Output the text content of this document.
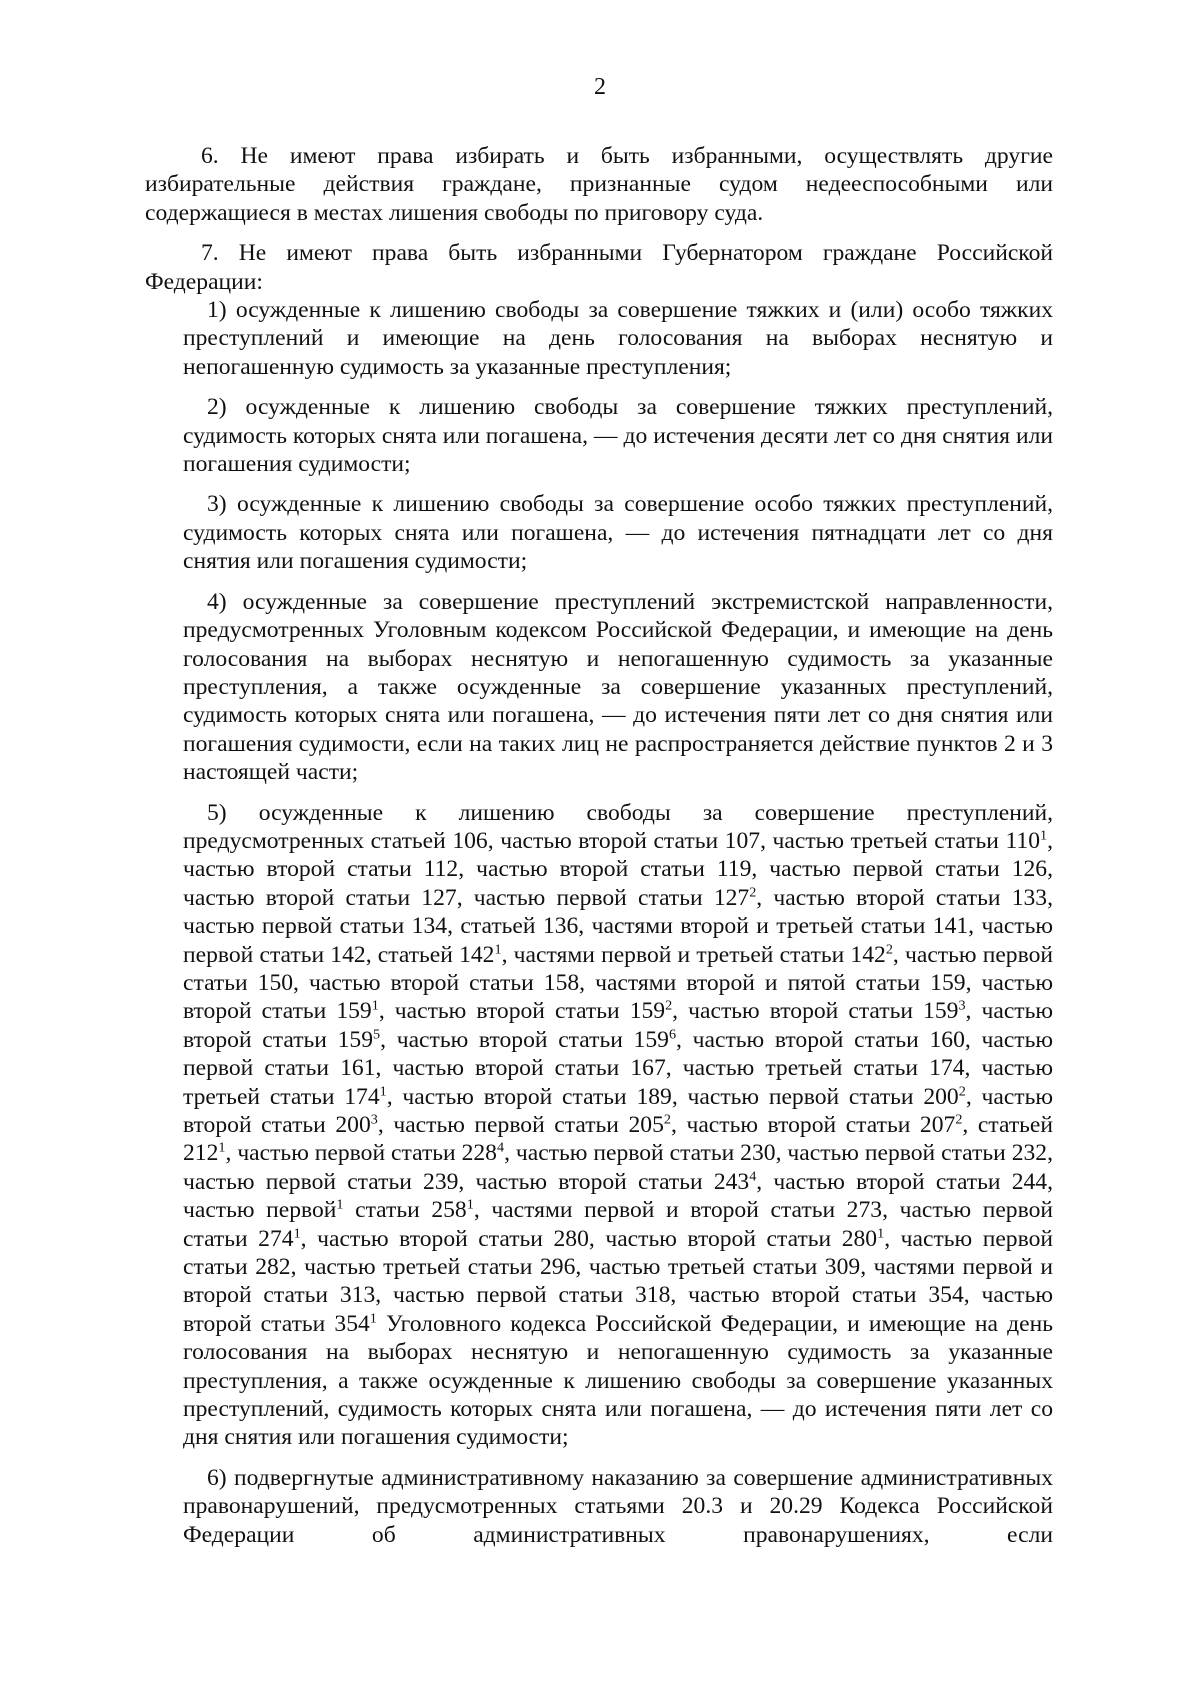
2

6. Не имеют права избирать и быть избранными, осуществлять другие избирательные действия граждане, признанные судом недееспособными или содержащиеся в местах лишения свободы по приговору суда.

7. Не имеют права быть избранными Губернатором граждане Российской Федерации:

1) осужденные к лишению свободы за совершение тяжких и (или) особо тяжких преступлений и имеющие на день голосования на выборах неснятую и непогашенную судимость за указанные преступления;

2) осужденные к лишению свободы за совершение тяжких преступлений, судимость которых снята или погашена, — до истечения десяти лет со дня снятия или погашения судимости;

3) осужденные к лишению свободы за совершение особо тяжких преступлений, судимость которых снята или погашена, — до истечения пятнадцати лет со дня снятия или погашения судимости;

4) осужденные за совершение преступлений экстремистской направленности, предусмотренных Уголовным кодексом Российской Федерации, и имеющие на день голосования на выборах неснятую и непогашенную судимость за указанные преступления, а также осужденные за совершение указанных преступлений, судимость которых снята или погашена, — до истечения пяти лет со дня снятия или погашения судимости, если на таких лиц не распространяется действие пунктов 2 и 3 настоящей части;

5) осужденные к лишению свободы за совершение преступлений, предусмотренных статьей 106, частью второй статьи 107, частью третьей статьи $110^1$, частью второй статьи 112, частью второй статьи 119, частью первой статьи 126, частью второй статьи 127, частью первой статьи $127^2$, частью второй статьи 133, частью первой статьи 134, статьей 136, частями второй и третьей статьи 141, частью первой статьи 142, статьей $142^1$, частями первой и третьей статьи $142^2$, частью первой статьи 150, частью второй статьи 158, частями второй и пятой статьи 159, частью второй статьи $159^1$, частью второй статьи $159^2$, частью второй статьи $159^3$, частью второй статьи $159^5$, частью второй статьи $159^6$, частью второй статьи 160, частью первой статьи 161, частью второй статьи 167, частью третьей статьи 174, частью третьей статьи $174^1$, частью второй статьи 189, частью первой статьи $200^2$, частью второй статьи $200^3$, частью первой статьи $205^2$, частью второй статьи $207^2$, статьей $212^1$, частью первой статьи $228^4$, частью первой статьи 230, частью первой статьи 232, частью первой статьи 239, частью второй статьи $243^4$, частью второй статьи 244, частью первой$^1$ статьи $258^1$, частями первой и второй статьи 273, частью первой статьи $274^1$, частью второй статьи 280, частью второй статьи $280^1$, частью первой статьи 282, частью третьей статьи 296, частью третьей статьи 309, частями первой и второй статьи 313, частью первой статьи 318, частью второй статьи 354, частью второй статьи $354^1$ Уголовного кодекса Российской Федерации, и имеющие на день голосования на выборах неснятую и непогашенную судимость за указанные преступления, а также осужденные к лишению свободы за совершение указанных преступлений, судимость которых снята или погашена, — до истечения пяти лет со дня снятия или погашения судимости;

6) подвергнутые административному наказанию за совершение административных правонарушений, предусмотренных статьями 20.3 и 20.29 Кодекса Российской Федерации об административных правонарушениях, если
